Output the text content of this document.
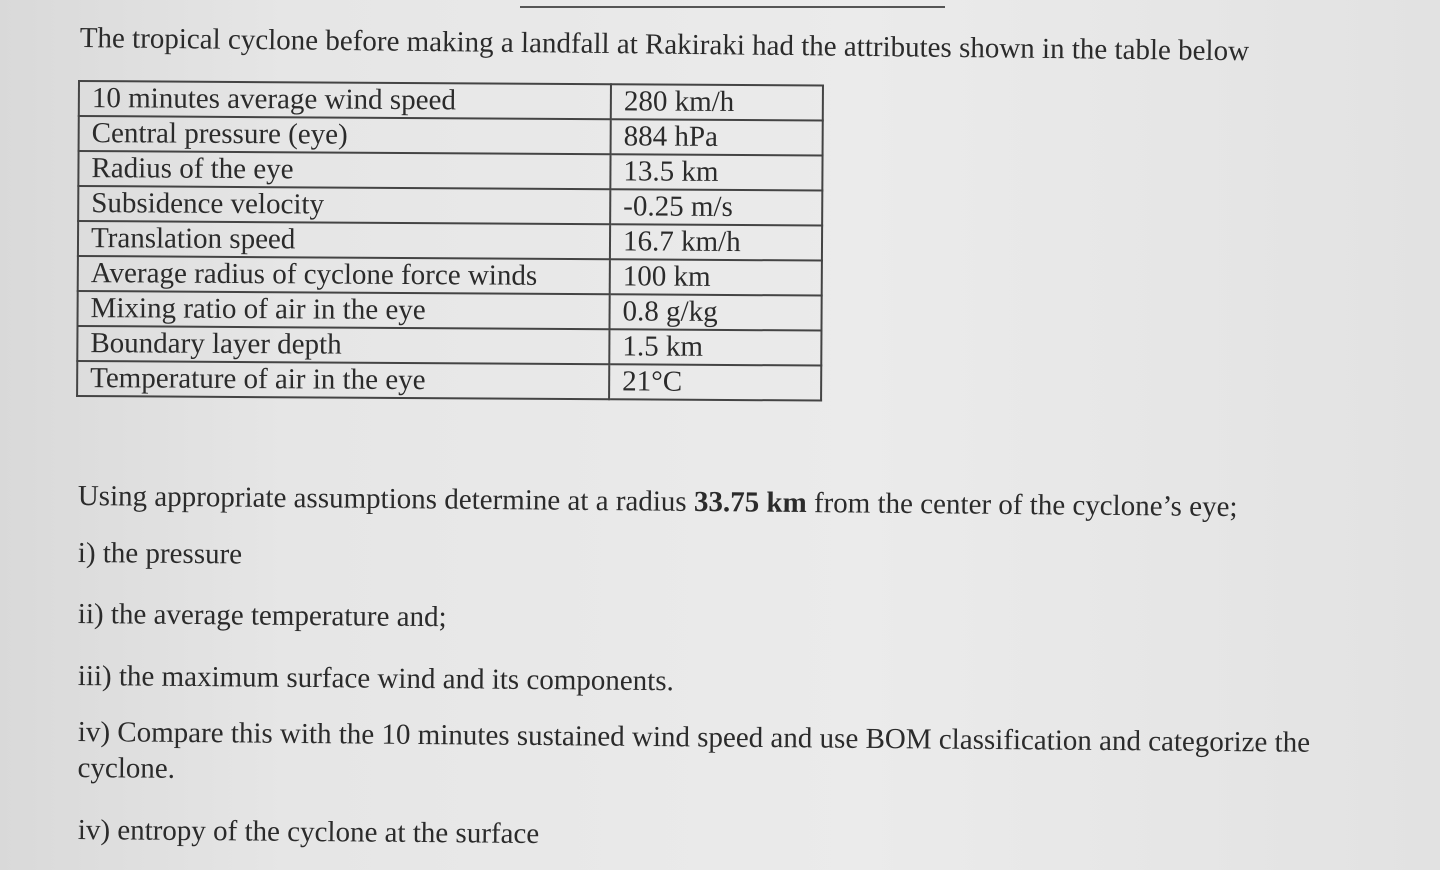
The tropical cyclone before making a landfall at Rakiraki had the attributes shown in the table below

10 minutes average wind speed	280 km/h
Central pressure (eye)	884 hPa
Radius of the eye	13.5 km
Subsidence velocity	-0.25 m/s
Translation speed	16.7 km/h
Average radius of cyclone force winds	100 km
Mixing ratio of air in the eye	0.8 g/kg
Boundary layer depth	1.5 km
Temperature of air in the eye	21°C

Using appropriate assumptions determine at a radius 33.75 km from the center of the cyclone’s eye;

i) the pressure

ii) the average temperature and;

iii) the maximum surface wind and its components.

iv) Compare this with the 10 minutes sustained wind speed and use BOM classification and categorize the cyclone.

iv) entropy of the cyclone at the surface
